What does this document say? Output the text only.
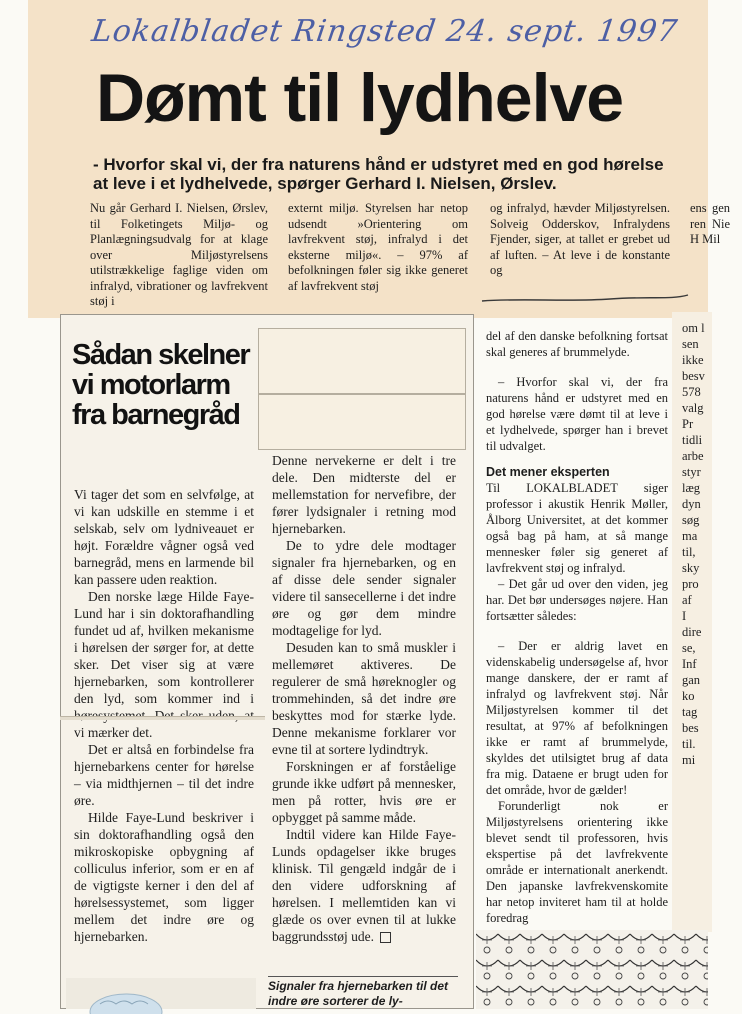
Lokalbladet Ringsted 24. sept. 1997
Dømt til lydhelve
- Hvorfor skal vi, der fra naturens hånd er udstyret med en god hørelse
at leve i et lydhelvede, spørger Gerhard I. Nielsen, Ørslev.
Nu går Gerhard I. Nielsen, Ørslev, til Folketingets Miljø- og Planlægningsudvalg for at klage over Miljøstyrelsens utilstrækkelige faglige viden om infralyd, vibrationer og lavfrekvent støj i
externt miljø. Styrelsen har netop udsendt »Orientering om lavfrekvent støj, infralyd i det eksterne miljø«. – 97% af befolkningen føler sig ikke generet af lavfrekvent støj
og infralyd, hævder Miljøstyrelsen. Solveig Odderskov, Infralydens Fjender, siger, at tallet er grebet ud af luften. – At leve i de konstante og
ens gen ren Nie H Mil
om l
sen
ikke
besv
578
valg
Pr
tidli
arbe
styr
læg
dyn
søg
ma
til,
sky
pro
af
I
dire
se,
Inf
gan
ko
tag
bes
til.
mi

del af den danske befolkning fortsat skal generes af brummelyde.

– Hvorfor skal vi, der fra naturens hånd er udstyret med en god hørelse være dømt til at leve i et lydhelvede, spørger han i brevet til udvalget.

Det mener eksperten

Til LOKALBLADET siger professor i akustik Henrik Møller, Ålborg Universitet, at det kommer også bag på ham, at så mange mennesker føler sig generet af lavfrekvent støj og infralyd.

– Det går ud over den viden, jeg har. Det bør undersøges nøjere. Han fortsætter således:

– Der er aldrig lavet en videnskabelig undersøgelse af, hvor mange danskere, der er ramt af infralyd og lavfrekvent støj. Når Miljøstyrelsen kommer til det resultat, at 97% af befolkningen ikke er ramt af brummelyde, skyldes det utilsigtet brug af data fra mig. Dataene er brugt uden for det område, hvor de gælder!

Forunderligt nok er Miljøstyrelsens orientering ikke blevet sendt til professoren, hvis ekspertise på det lavfrekvente område er internationalt anerkendt. Den japanske lavfrekvenskomite har netop inviteret ham til at holde foredrag

Sådan skelner vi motorlarm fra barnegråd

Vi tager det som en selvfølge, at vi kan udskille en stemme i et selskab, selv om lydniveauet er højt. Forældre vågner også ved barnegråd, mens en larmende bil kan passere uden reaktion.

Den norske læge Hilde Faye-Lund har i sin doktorafhandling fundet ud af, hvilken mekanisme i hørelsen der sørger for, at dette sker. Det viser sig at være hjernebarken, som kontrollerer den lyd, som kommer ind i vi mærker det.

Det er altså en forbindelse fra hjernebarkens center for hørelse – via midthjernen – til det indre øre.

Hilde Faye-Lund beskriver i sin doktorafhandling også den mikroskopiske opbygning af colliculus inferior, som er en af de vigtigste kerner i den del af hørelsessystemet, som ligger mellem det indre øre og hjernebarken.

Denne nervekerne er delt i tre dele. Den midterste del er mellemstation for nervefibre, der fører lydsignaler i retning mod hjernebarken.

De to ydre dele modtager signaler fra hjernebarken, og en af disse dele sender signaler videre til sansecellerne i det indre øre og gør dem mindre modtagelige for lyd.

Desuden kan to små muskler i mellemøret aktiveres. De regulerer de små høreknogler og trommehinden, så det indre øre beskyttes mod for stærke lyde. Denne mekanisme forklarer vor evne til at sortere lydindtryk.

Forskningen er af forståelige grunde ikke udført på mennesker, men på rotter, hvis øre er opbygget på samme måde.

Indtil videre kan Hilde Faye-Lunds opdagelser ikke bruges klinisk. Til gengæld indgår de i den videre udforskning af hørelsen. I mellemtiden kan vi glæde os over evnen til at lukke baggrundsstøj ude.

Signaler fra hjernebarken til det indre øre sorterer de ly-
